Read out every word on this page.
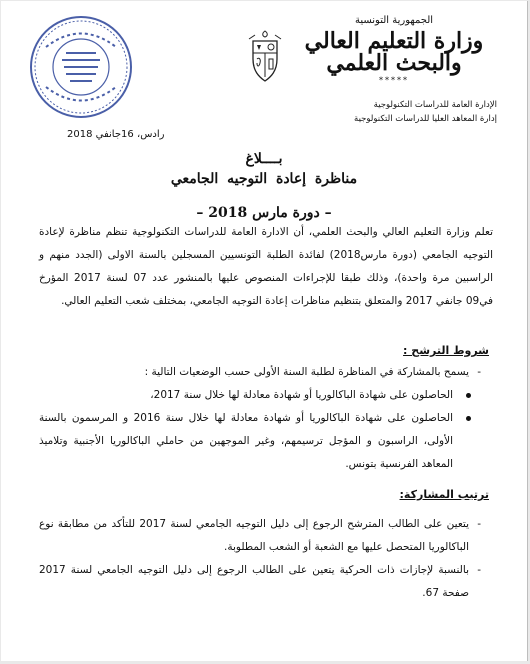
الجمهورية التونسية
وزارة التعليم العالي
والبحث العلمي
*****
الإدارة العامة للدراسات التكنولوجية
إدارة المعاهد العليا للدراسات التكنولوجية
رادس، 16جانفي 2018
بــــلاغ
مناظرة إعادة التوجيه الجامعي
– دورة مارس 2018 –
تعلم وزارة التعليم العالي والبحث العلمي، أن الادارة العامة للدراسات التكنولوجية تنظم مناظرة لإعادة التوجيه الجامعي (دورة مارس2018) لفائدة الطلبة التونسيين المسجلين بالسنة الاولى (الجدد منهم و الراسبين مرة واحدة)، وذلك طبقا للإجراءات المنصوص عليها بالمنشور عدد 07 لسنة 2017 المؤرخ في09 جانفي 2017 والمتعلق بتنظيم مناظرات إعادة التوجيه الجامعي، بمختلف شعب التعليم العالي.
شروط الترشح :
- يسمح بالمشاركة في المناظرة لطلبة السنة الأولى حسب الوضعيات التالية :
الحاصلون على شهادة الباكالوريا أو شهادة معادلة لها خلال سنة 2017،
الحاصلون على شهادة الباكالوريا أو شهادة معادلة لها خلال سنة 2016 و المرسمون بالسنة الأولى، الراسبون و المؤجل ترسيمهم، وغير الموجهين من حاملي الباكالوريا الأجنبية وتلاميذ المعاهد الفرنسية بتونس.
ترتيب المشاركة:
- يتعين على الطالب المترشح الرجوع إلى دليل التوجيه الجامعي لسنة 2017 للتأكد من مطابقة نوع الباكالوريا المتحصل عليها مع الشعبة أو الشعب المطلوبة.
- بالنسبة لإجازات ذات الحركية يتعين على الطالب الرجوع إلى دليل التوجيه الجامعي لسنة 2017 صفحة 67.
